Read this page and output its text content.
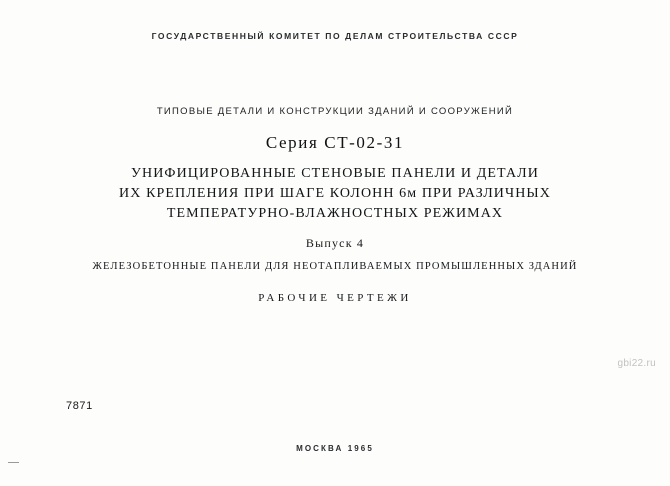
ГОСУДАРСТВЕННЫЙ КОМИТЕТ ПО ДЕЛАМ СТРОИТЕЛЬСТВА СССР
ТИПОВЫЕ ДЕТАЛИ И КОНСТРУКЦИИ ЗДАНИЙ И СООРУЖЕНИЙ
Серия СТ-02-31
УНИФИЦИРОВАННЫЕ СТЕНОВЫЕ ПАНЕЛИ И ДЕТАЛИ
ИХ КРЕПЛЕНИЯ ПРИ ШАГЕ КОЛОНН 6м ПРИ РАЗЛИЧНЫХ
ТЕМПЕРАТУРНО-ВЛАЖНОСТНЫХ РЕЖИМАХ
Выпуск 4
ЖЕЛЕЗОБЕТОННЫЕ ПАНЕЛИ ДЛЯ НЕОТАПЛИВАЕМЫХ ПРОМЫШЛЕННЫХ ЗДАНИЙ
РАБОЧИЕ ЧЕРТЕЖИ
gbi22.ru
7871
МОСКВА 1965
